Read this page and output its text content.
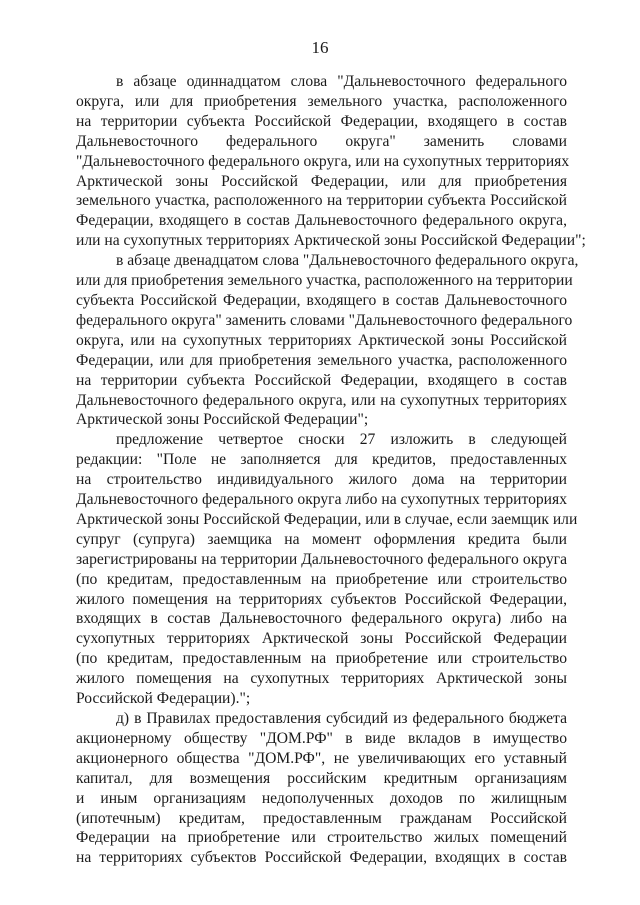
16
в абзаце одиннадцатом слова "Дальневосточного федерального
округа, или для приобретения земельного участка, расположенного
на территории субъекта Российской Федерации, входящего в состав
Дальневосточного федерального округа" заменить словами
"Дальневосточного федерального округа, или на сухопутных территориях
Арктической зоны Российской Федерации, или для приобретения
земельного участка, расположенного на территории субъекта Российской
Федерации, входящего в состав Дальневосточного федерального округа,
или на сухопутных территориях Арктической зоны Российской Федерации";
в абзаце двенадцатом слова "Дальневосточного федерального округа,
или для приобретения земельного участка, расположенного на территории
субъекта Российской Федерации, входящего в состав Дальневосточного
федерального округа" заменить словами "Дальневосточного федерального
округа, или на сухопутных территориях Арктической зоны Российской
Федерации, или для приобретения земельного участка, расположенного
на территории субъекта Российской Федерации, входящего в состав
Дальневосточного федерального округа, или на сухопутных территориях
Арктической зоны Российской Федерации";
предложение четвертое сноски 27 изложить в следующей
редакции: "Поле не заполняется для кредитов, предоставленных
на строительство индивидуального жилого дома на территории
Дальневосточного федерального округа либо на сухопутных территориях
Арктической зоны Российской Федерации, или в случае, если заемщик или
супруг (супруга) заемщика на момент оформления кредита были
зарегистрированы на территории Дальневосточного федерального округа
(по кредитам, предоставленным на приобретение или строительство
жилого помещения на территориях субъектов Российской Федерации,
входящих в состав Дальневосточного федерального округа) либо на
сухопутных территориях Арктической зоны Российской Федерации
(по кредитам, предоставленным на приобретение или строительство
жилого помещения на сухопутных территориях Арктической зоны
Российской Федерации).";
д) в Правилах предоставления субсидий из федерального бюджета
акционерному обществу "ДОМ.РФ" в виде вкладов в имущество
акционерного общества "ДОМ.РФ", не увеличивающих его уставный
капитал, для возмещения российским кредитным организациям
и иным организациям недополученных доходов по жилищным
(ипотечным) кредитам, предоставленным гражданам Российской
Федерации на приобретение или строительство жилых помещений
на территориях субъектов Российской Федерации, входящих в состав
